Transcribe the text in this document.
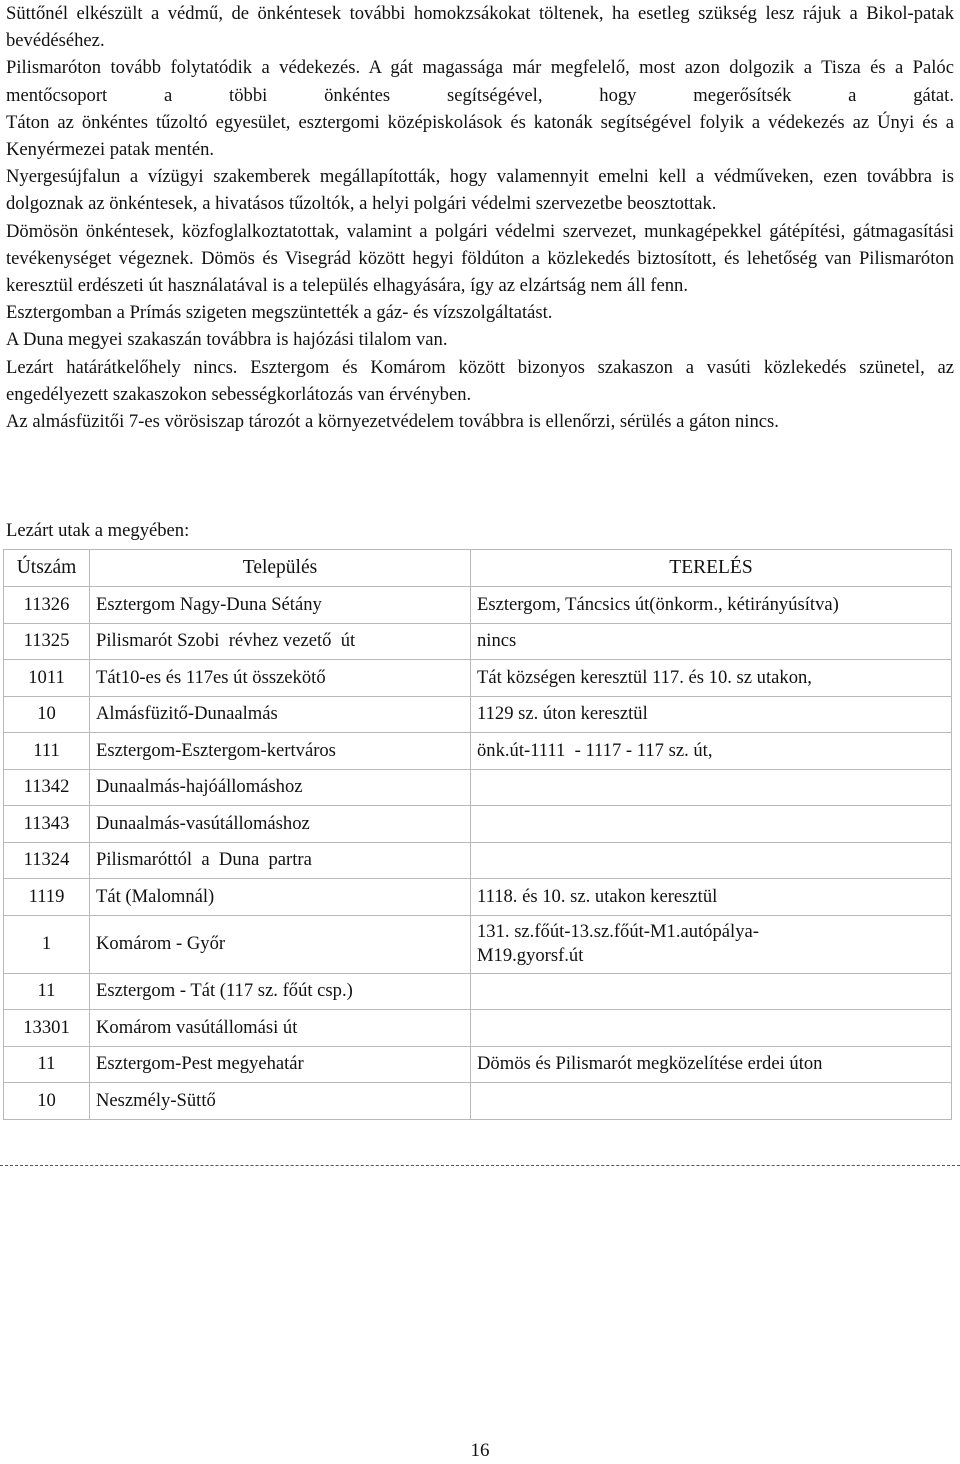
Süttőnél elkészült a védmű, de önkéntesek további homokzsákokat töltenek, ha esetleg szükség lesz rájuk a Bikol-patak bevédéséhez.

Pilismaróton tovább folytatódik a védekezés. A gát magassága már megfelelő, most azon dolgozik a Tisza és a Palóc mentőcsoport a többi önkéntes segítségével, hogy megerősítsék a gátat.

Táton az önkéntes tűzoltó egyesület, esztergomi középiskolások és katonák segítségével folyik a védekezés az Únyi és a Kenyérmezei patak mentén.

Nyergesújfalun a vízügyi szakemberek megállapították, hogy valamennyit emelni kell a védműveken, ezen továbbra is dolgoznak az önkéntesek, a hivatásos tűzoltók, a helyi polgári védelmi szervezetbe beosztottak.

Dömösön önkéntesek, közfoglalkoztatottak, valamint a polgári védelmi szervezet, munkagépekkel gátépítési, gátmagasítási tevékenységet végeznek. Dömös és Visegrád között hegyi földúton a közlekedés biztosított, és lehetőség van Pilismaróton keresztül erdészeti út használatával is a település elhagyására, így az elzártság nem áll fenn.

Esztergomban a Prímás szigeten megszüntették a gáz- és vízszolgáltatást.

A Duna megyei szakaszán továbbra is hajózási tilalom van.

Lezárt határátkelőhely nincs. Esztergom és Komárom között bizonyos szakaszon a vasúti közlekedés szünetel, az engedélyezett szakaszokon sebességkorlátozás van érvényben.

Az almásfüzitői 7-es vörösiszap tározót a környezetvédelem továbbra is ellenőrzi, sérülés a gáton nincs.

Lezárt utak a megyében:
Útszám	Település	TERELÉS
11326	Esztergom Nagy-Duna Sétány	Esztergom, Táncsics út(önkorm., kétirányúsítva)
11325	Pilismarót Szobi  révhez vezető  út	nincs
1011	Tát10-es és 117es út összekötő	Tát községen keresztül 117. és 10. sz utakon,
10	Almásfüzitő-Dunaalmás	1129 sz. úton keresztül
111	Esztergom-Esztergom-kertváros	önk.út-1111  - 1117 - 117 sz. út,
11342	Dunaalmás-hajóállomáshoz	
11343	Dunaalmás-vasútállomáshoz	
11324	Pilismaróttól  a  Duna  partra	
1119	Tát (Malomnál)	1118. és 10. sz. utakon keresztül
1	Komárom - Győr	131. sz.főút-13.sz.főút-M1.autópálya-M19.gyorsf.út
11	Esztergom - Tát (117 sz. főút csp.)	
13301	Komárom vasútállomási út	
11	Esztergom-Pest megyehatár	Dömös és Pilismarót megközelítése erdei úton
10	Neszmély-Süttő	
16
